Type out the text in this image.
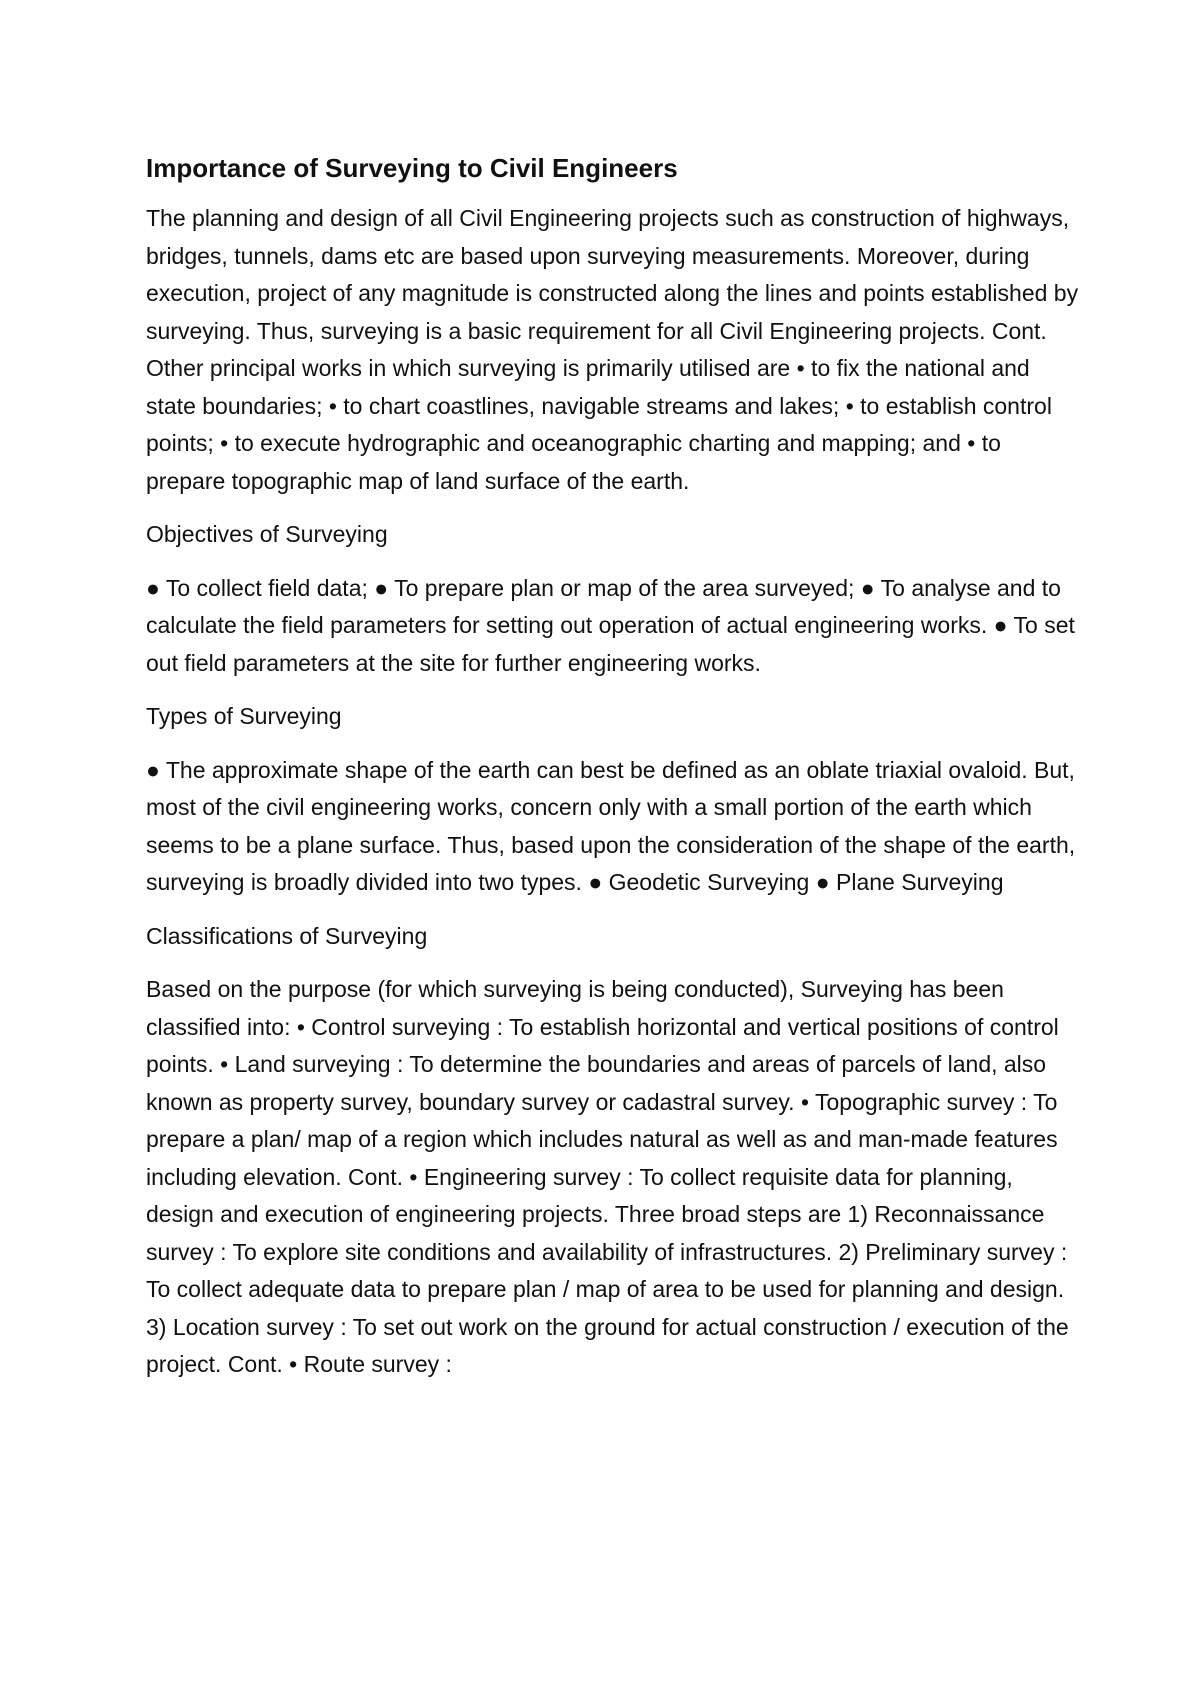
Importance of Surveying to Civil Engineers
The planning and design of all Civil Engineering projects such as construction of highways, bridges, tunnels, dams etc are based upon surveying measurements. Moreover, during execution, project of any magnitude is constructed along the lines and points established by surveying. Thus, surveying is a basic requirement for all Civil Engineering projects. Cont. Other principal works in which surveying is primarily utilised are • to fix the national and state boundaries; • to chart coastlines, navigable streams and lakes; • to establish control points; • to execute hydrographic and oceanographic charting and mapping; and • to prepare topographic map of land surface of the earth.
Objectives of Surveying
● To collect field data; ● To prepare plan or map of the area surveyed; ● To analyse and to calculate the field parameters for setting out operation of actual engineering works. ● To set out field parameters at the site for further engineering works.
Types of Surveying
● The approximate shape of the earth can best be defined as an oblate triaxial ovaloid. But, most of the civil engineering works, concern only with a small portion of the earth which seems to be a plane surface. Thus, based upon the consideration of the shape of the earth, surveying is broadly divided into two types. ● Geodetic Surveying ● Plane Surveying
Classifications of Surveying
Based on the purpose (for which surveying is being conducted), Surveying has been classified into: • Control surveying : To establish horizontal and vertical positions of control points. • Land surveying : To determine the boundaries and areas of parcels of land, also known as property survey, boundary survey or cadastral survey. • Topographic survey : To prepare a plan/ map of a region which includes natural as well as and man-made features including elevation. Cont. • Engineering survey : To collect requisite data for planning, design and execution of engineering projects. Three broad steps are 1) Reconnaissance survey : To explore site conditions and availability of infrastructures. 2) Preliminary survey : To collect adequate data to prepare plan / map of area to be used for planning and design. 3) Location survey : To set out work on the ground for actual construction / execution of the project. Cont. • Route survey :
